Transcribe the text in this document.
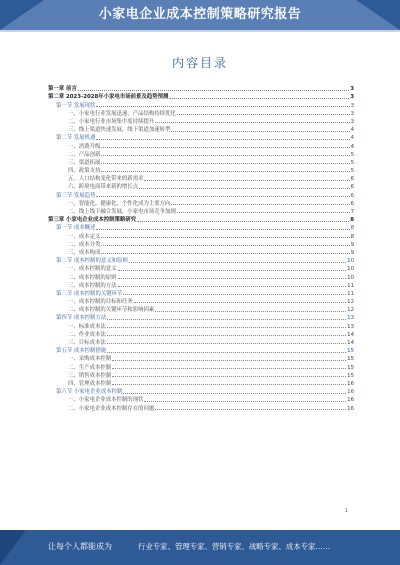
小家电企业成本控制策略研究报告
内容目录
第一章 前言	3
第二章 2023-2028年小家电市场前景及趋势预测	3
第一节 发展现状	3
一、小家电行业发展迅速，产品结构持续优化	3
二、小家电行业市场集中度持续提升	3
三、线上渠道快速发展，线下渠道加速转型	4
第二节 发展机遇	4
一、消费升级	4
二、产品创新	5
三、渠道拓展	5
四、政策支持	5
五、人口结构变化带来的新需求	6
六、跨境电商带来新的增长点	6
第三节 发展趋势	6
一、智能化、健康化、个性化成为主要方向	6
二、线上线下融合发展，小家电市场竞争加剧	7
第三章 小家电企业成本控制策略研究	8
第一节 成本概述	8
一、成本定义	8
二、成本分类	9
三、成本构成	9
第二节 成本控制的意义和原则	10
一、成本控制的意义	10
二、成本控制的原则	10
三、成本控制的方法	11
第三节 成本控制的关键环节	11
一、成本控制的目标和任务	12
二、成本控制的关键环节和影响因素	12
第四节 成本控制方法	13
一、标准成本法	13
二、作业成本法	14
三、目标成本法	14
第五节 成本控制措施	15
一、采购成本控制	15
二、生产成本控制	15
三、销售成本控制	15
四、管理成本控制	16
第六节 小家电企业成本控制	16
一、小家电企业成本控制的现状	16
二、小家电企业成本控制存在的问题	16
1
让每个人都能成为	行业专家、管理专家、营销专家、战略专家、成本专家……
